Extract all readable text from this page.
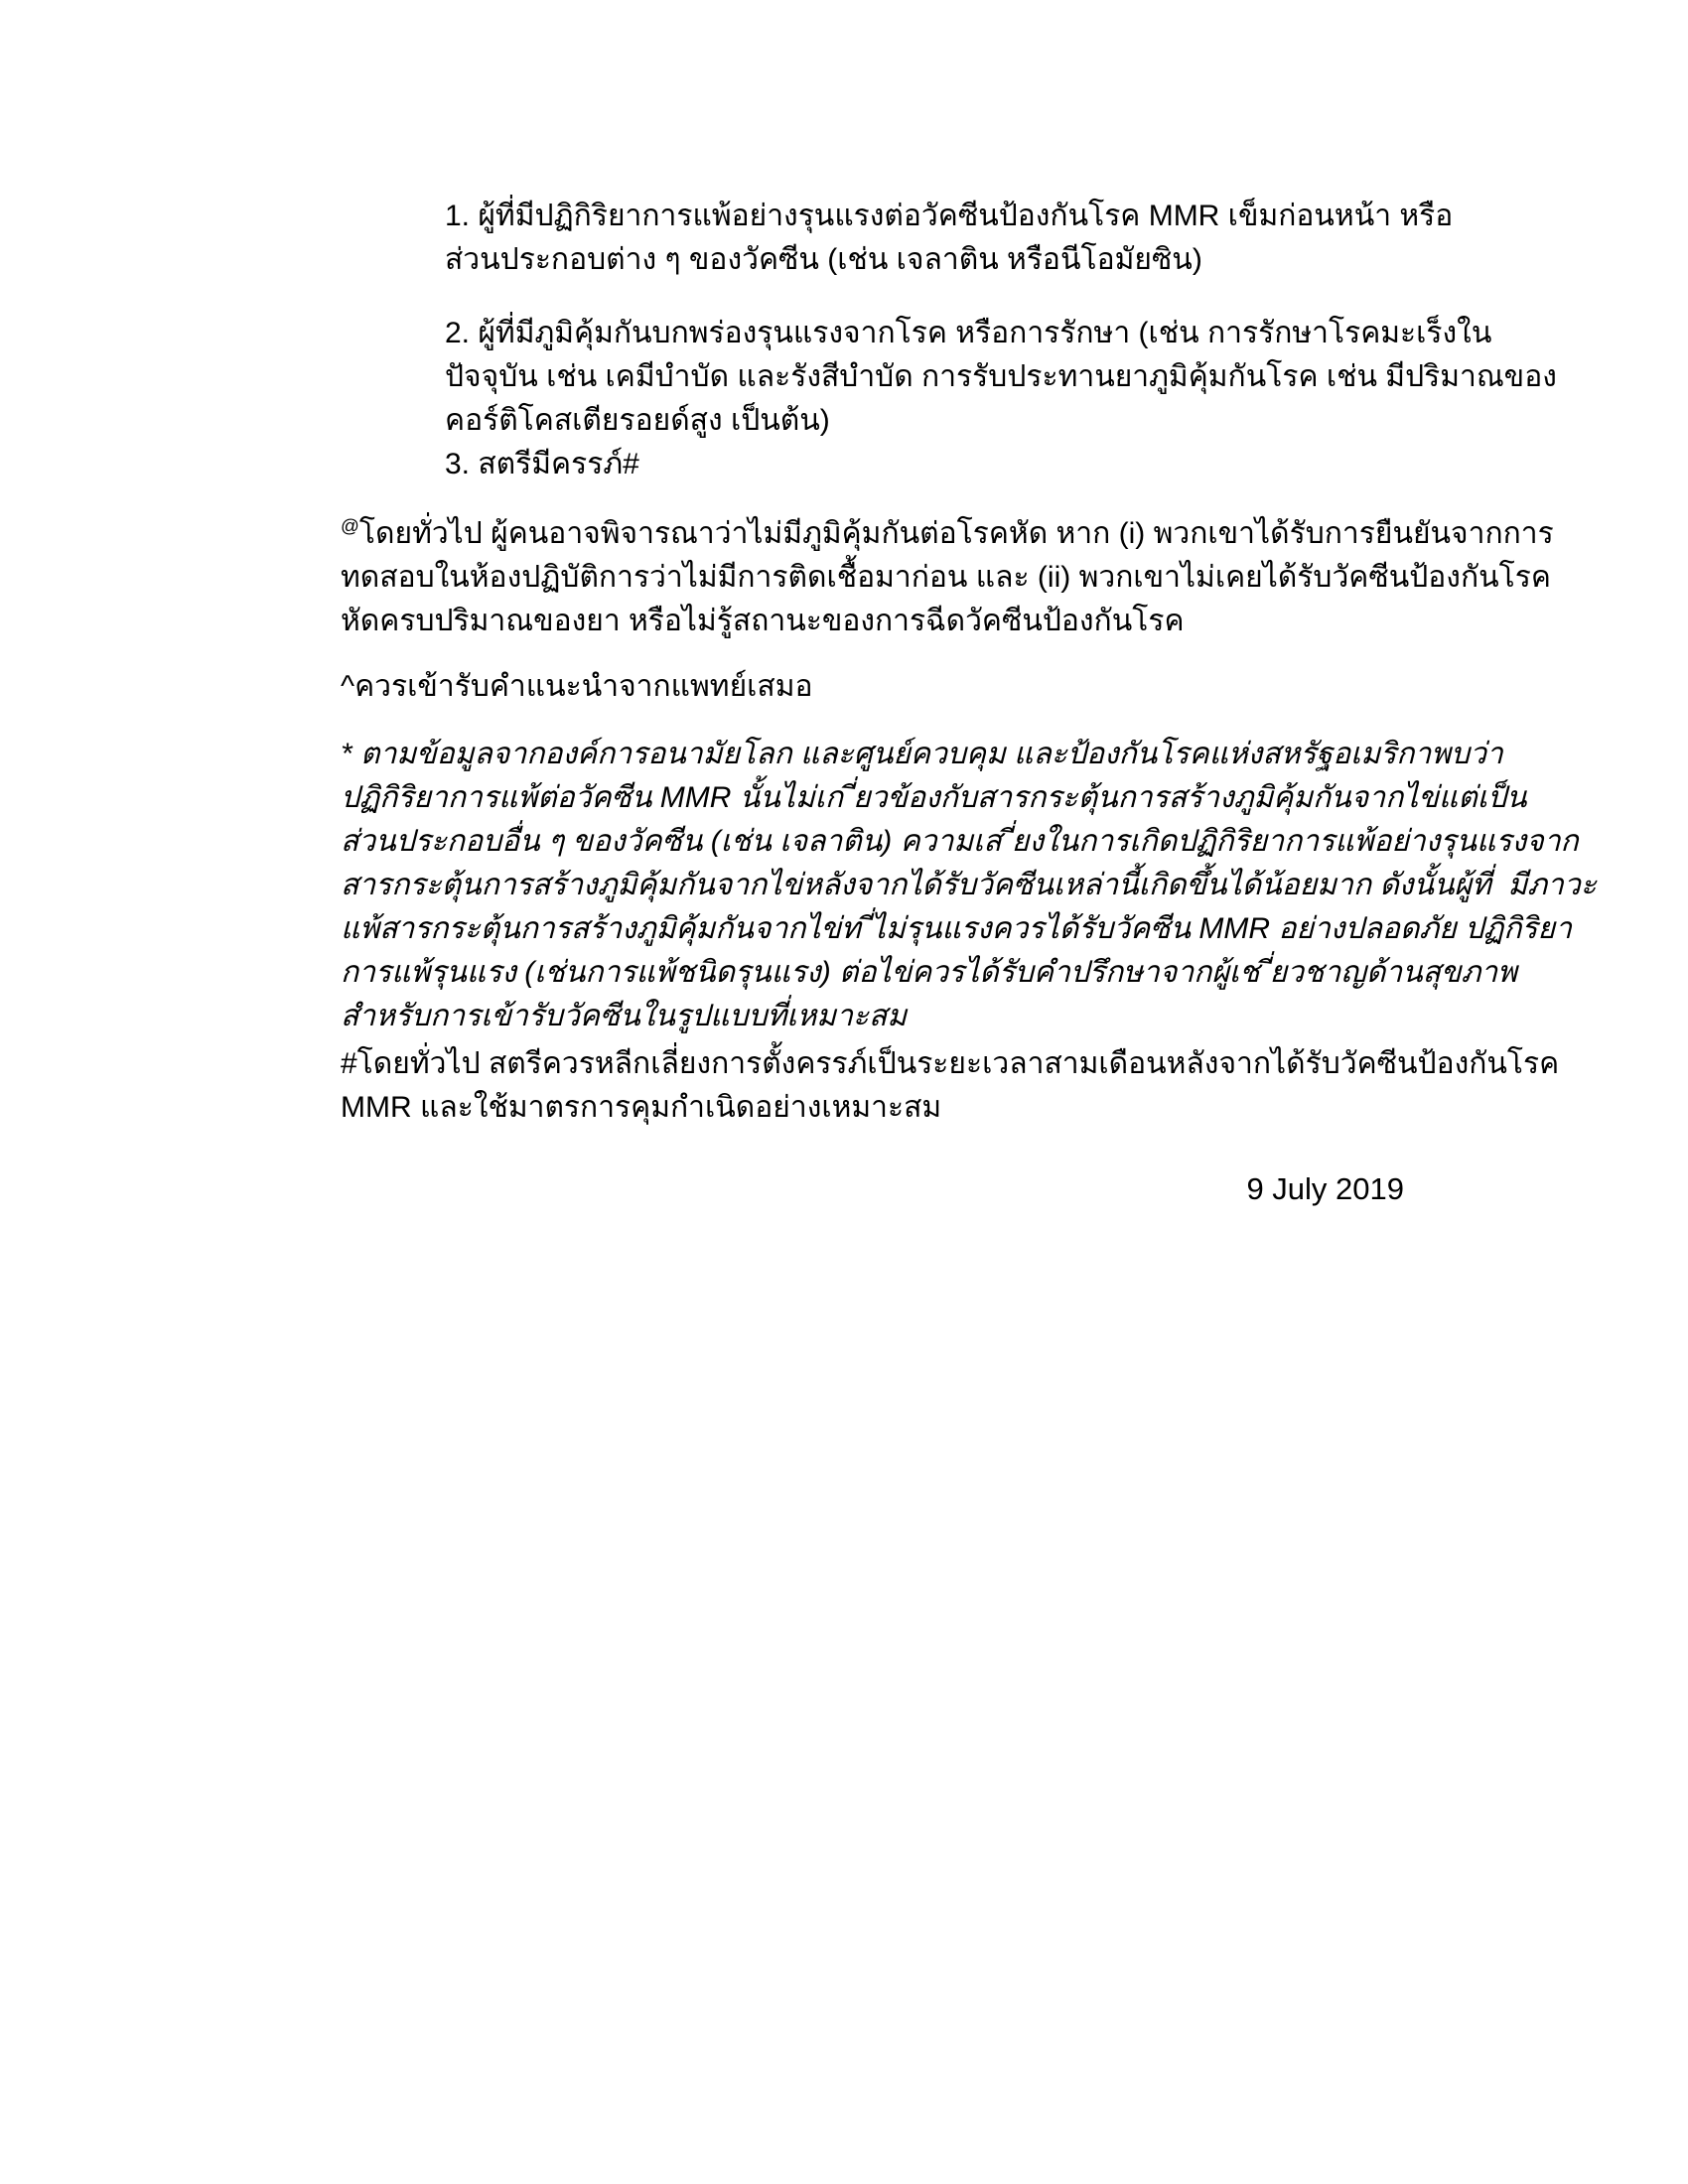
1. ผู้ที่มีปฏิกิริยาการแพ้อย่างรุนแรงต่อวัคซีนป้องกันโรค MMR เข็มก่อนหน้า หรือ
ส่วนประกอบต่าง ๆ ของวัคซีน (เช่น เจลาติน หรือนีโอมัยซิน)
2. ผู้ที่มีภูมิคุ้มกันบกพร่องรุนแรงจากโรค หรือการรักษา (เช่น การรักษาโรคมะเร็งใน
ปัจจุบัน เช่น เคมีบำบัด และรังสีบำบัด การรับประทานยาภูมิคุ้มกันโรค เช่น มีปริมาณของ
คอร์ติโคสเตียรอยด์สูง เป็นต้น)
3. สตรีมีครรภ์#
@โดยทั่วไป ผู้คนอาจพิจารณาว่าไม่มีภูมิคุ้มกันต่อโรคหัด หาก (i) พวกเขาได้รับการยืนยันจากการ
ทดสอบในห้องปฏิบัติการว่าไม่มีการติดเชื้อมาก่อน และ (ii) พวกเขาไม่เคยได้รับวัคซีนป้องกันโรค
หัดครบปริมาณของยา หรือไม่รู้สถานะของการฉีดวัคซีนป้องกันโรค
^ควรเข้ารับคำแนะนำจากแพทย์เสมอ
* ตามข้อมูลจากองค์การอนามัยโลก และศูนย์ควบคุม และป้องกันโรคแห่งสหรัฐอเมริกาพบว่า
ปฏิกิริยาการแพ้ต่อวัคซีน MMR นั้นไม่เก ี่ยวข้องกับสารกระตุ้นการสร้างภูมิคุ้มกันจากไข่แต่เป็น
ส่วนประกอบอื่น ๆ ของวัคซีน (เช่น เจลาติน) ความเส ี่ยงในการเกิดปฏิกิริยาการแพ้อย่างรุนแรงจาก
สารกระตุ้นการสร้างภูมิคุ้มกันจากไข่หลังจากได้รับวัคซีนเหล่านี้เกิดขึ้นได้น้อยมาก ดังนั้นผู้ที่  มีภาวะ
แพ้สารกระตุ้นการสร้างภูมิคุ้มกันจากไข่ท ี่ไม่รุนแรงควรได้รับวัคซีน MMR อย่างปลอดภัย ปฏิกิริยา
การแพ้รุนแรง (เช่นการแพ้ชนิดรุนแรง) ต่อไข่ควรได้รับคำปรึกษาจากผู้เช ี่ยวชาญด้านสุขภาพ
สำหรับการเข้ารับวัคซีนในรูปแบบที่เหมาะสม
#โดยทั่วไป สตรีควรหลีกเลี่ยงการตั้งครรภ์เป็นระยะเวลาสามเดือนหลังจากได้รับวัคซีนป้องกันโรค
MMR และใช้มาตรการคุมกำเนิดอย่างเหมาะสม
9 July 2019
